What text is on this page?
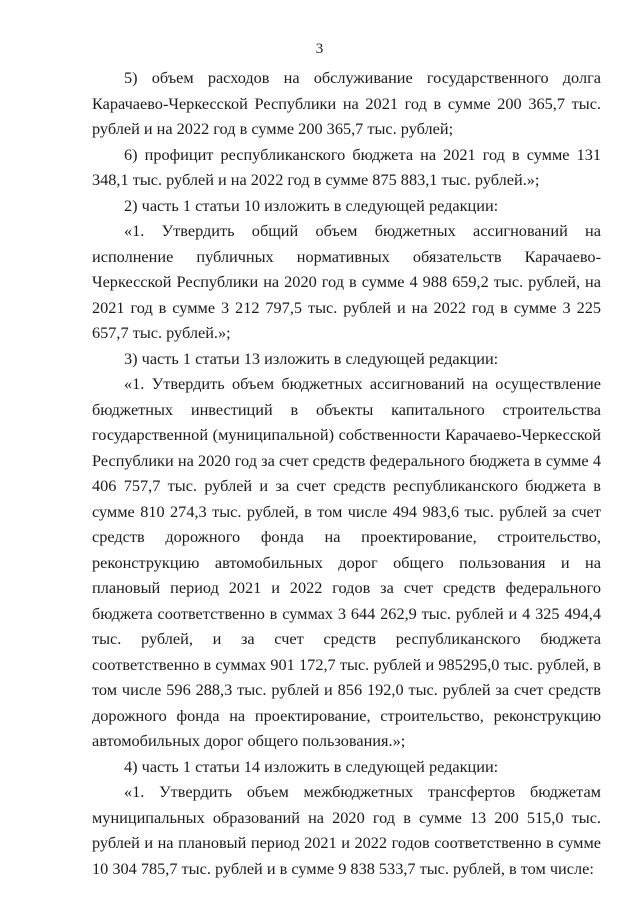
3

5) объем расходов на обслуживание государственного долга Карачаево-Черкесской Республики на 2021 год в сумме 200 365,7 тыс. рублей и на 2022 год в сумме 200 365,7 тыс. рублей;

6) профицит республиканского бюджета на 2021 год в сумме 131 348,1 тыс. рублей и на 2022 год в сумме 875 883,1 тыс. рублей.»;

2) часть 1 статьи 10 изложить в следующей редакции:

«1. Утвердить общий объем бюджетных ассигнований на исполнение публичных нормативных обязательств Карачаево-Черкесской Республики на 2020 год в сумме 4 988 659,2 тыс. рублей, на 2021 год в сумме 3 212 797,5 тыс. рублей и на 2022 год в сумме 3 225 657,7 тыс. рублей.»;

3) часть 1 статьи 13 изложить в следующей редакции:

«1. Утвердить объем бюджетных ассигнований на осуществление бюджетных инвестиций в объекты капитального строительства государственной (муниципальной) собственности Карачаево-Черкесской Республики на 2020 год за счет средств федерального бюджета в сумме 4 406 757,7 тыс. рублей и за счет средств республиканского бюджета в сумме 810 274,3 тыс. рублей, в том числе 494 983,6 тыс. рублей за счет средств дорожного фонда на проектирование, строительство, реконструкцию автомобильных дорог общего пользования и на плановый период 2021 и 2022 годов за счет средств федерального бюджета соответственно в суммах 3 644 262,9 тыс. рублей и 4 325 494,4 тыс. рублей, и за счет средств республиканского бюджета соответственно в суммах 901 172,7 тыс. рублей и 985295,0 тыс. рублей, в том числе 596 288,3 тыс. рублей и 856 192,0 тыс. рублей за счет средств дорожного фонда на проектирование, строительство, реконструкцию автомобильных дорог общего пользования.»;

4) часть 1 статьи 14 изложить в следующей редакции:

«1. Утвердить объем межбюджетных трансфертов бюджетам муниципальных образований на 2020 год в сумме 13 200 515,0 тыс. рублей и на плановый период 2021 и 2022 годов соответственно в сумме 10 304 785,7 тыс. рублей и в сумме 9 838 533,7 тыс. рублей, в том числе:
